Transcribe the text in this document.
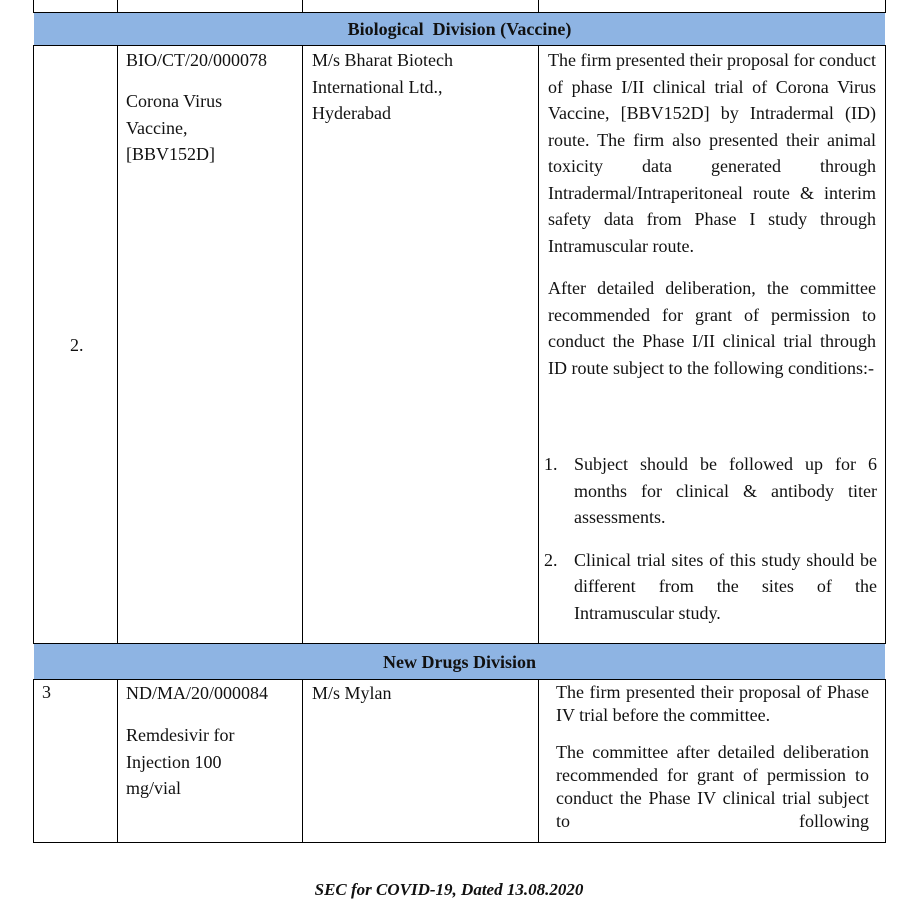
Biological  Division (Vaccine)
2.
BIO/CT/20/000078
Corona Virus
Vaccine,
[BBV152D]
M/s Bharat Biotech
International Ltd.,
Hyderabad

The firm presented their proposal for conduct of phase I/II clinical trial of Corona Virus Vaccine, [BBV152D] by Intradermal (ID) route. The firm also presented their animal toxicity data generated through Intradermal/Intraperitoneal route & interim safety data from Phase I study through Intramuscular route.

After detailed deliberation, the committee recommended for grant of permission to conduct the Phase I/II clinical trial through ID route subject to the following conditions:-

1. Subject should be followed up for 6 months for clinical & antibody titer assessments.
2. Clinical trial sites of this study should be different from the sites of the Intramuscular study.
New Drugs Division
3	ND/MA/20/000084
Remdesivir for
Injection 100
mg/vial
M/s Mylan	The firm presented their proposal of Phase IV trial before the committee.

The committee after detailed deliberation recommended for grant of permission to conduct the Phase IV clinical trial subject to following

SEC for COVID-19, Dated 13.08.2020
